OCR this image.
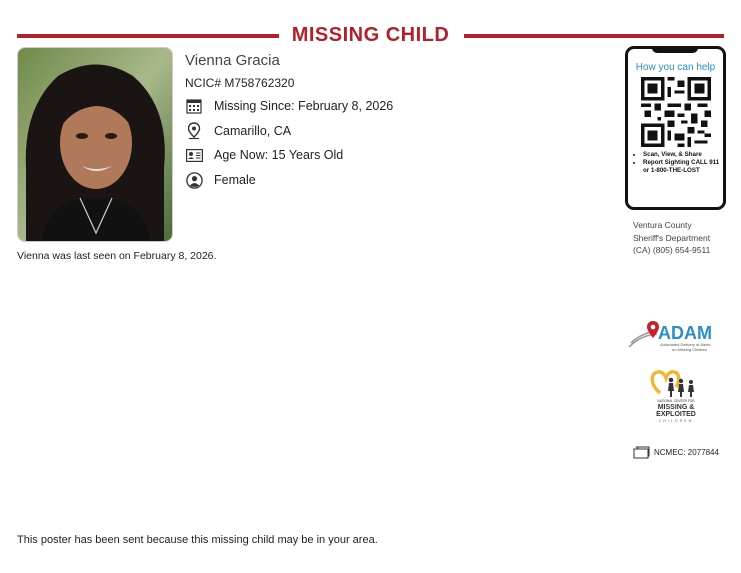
MISSING CHILD
Vienna Gracia
NCIC# M758762320
Missing Since: February 8, 2026
Camarillo, CA
Age Now: 15 Years Old
Female
Vienna was last seen on February 8, 2026.
How you can help
• Scan, View, & Share
• Report Sighting CALL 911 or 1-800-THE-LOST
Ventura County
Sheriff's Department
(CA) (805) 654-9511
ADAM
Automated Delivery of Alerts
on Missing Children
NATIONAL CENTER FOR
MISSING &
EXPLOITED
CHILDREN
NCMEC: 2077844
This poster has been sent because this missing child may be in your area.
